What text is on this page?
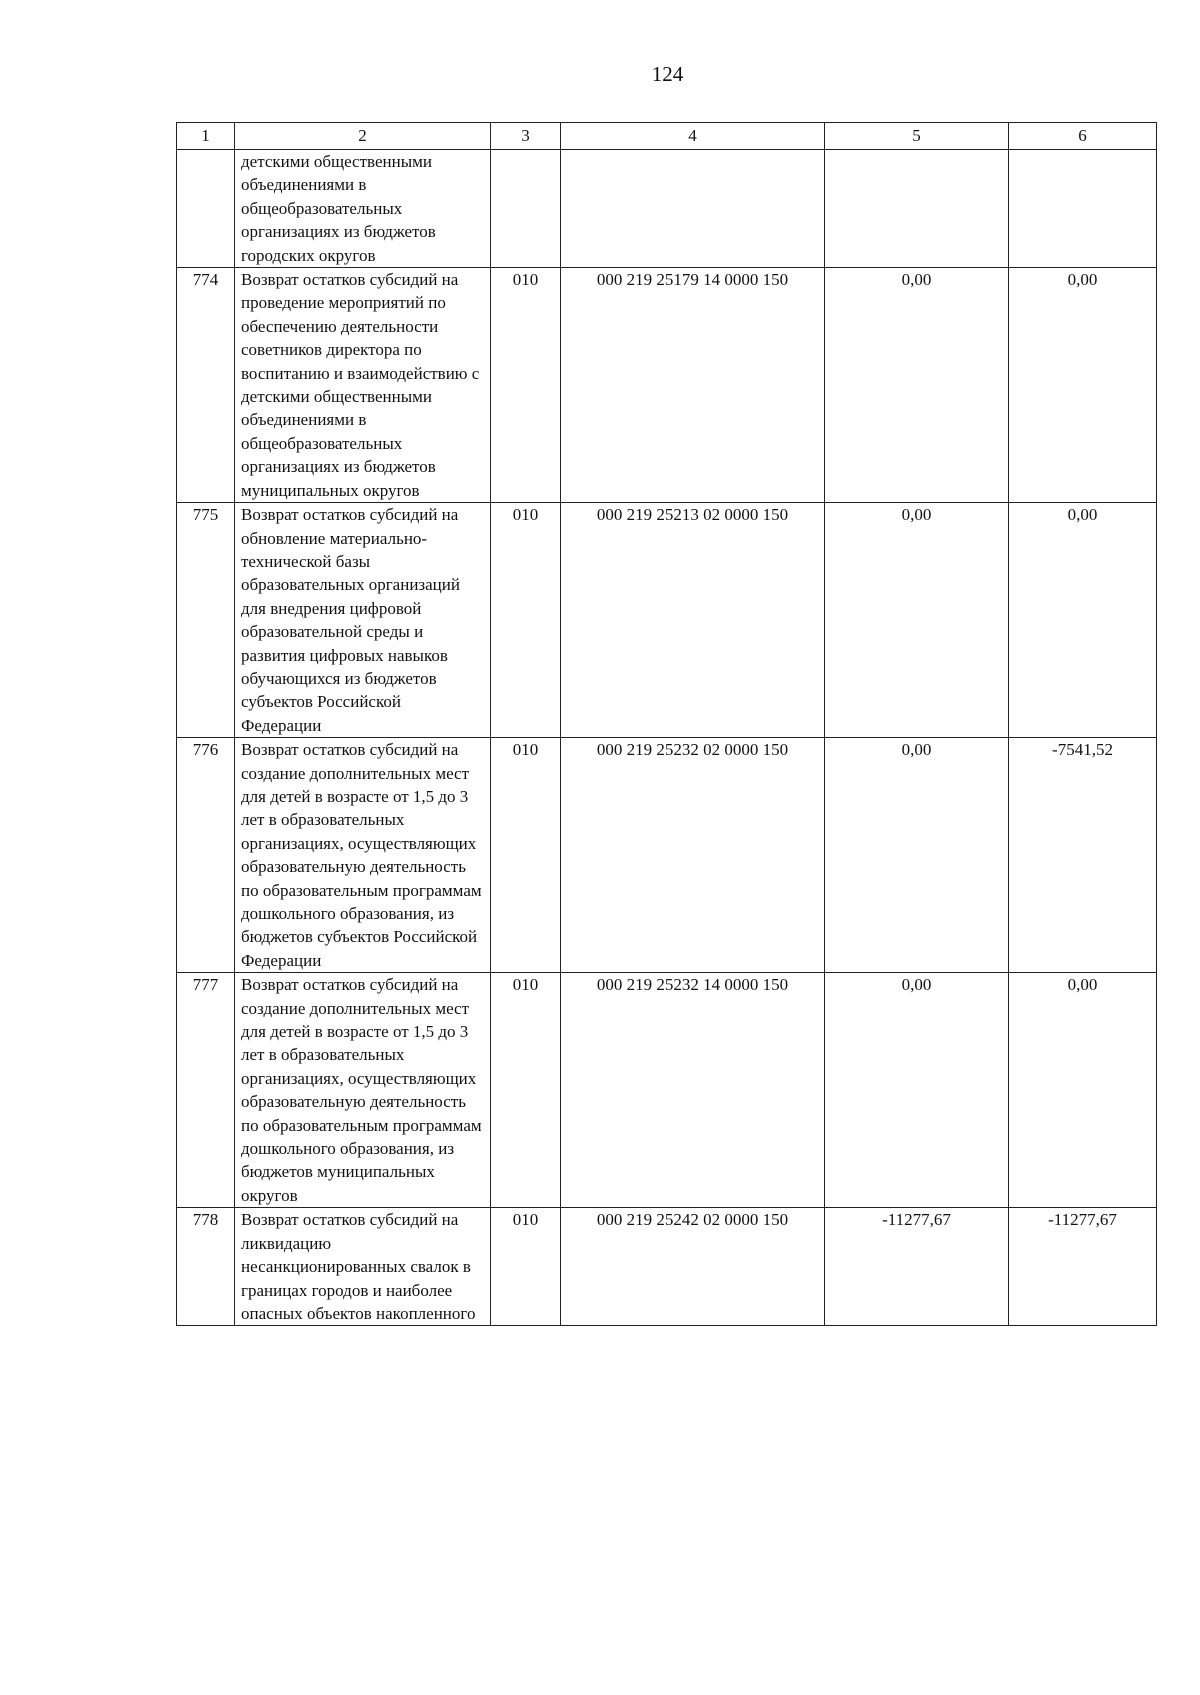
124
1	2	3	4	5	6
	детскими общественными объединениями в общеобразовательных организациях из бюджетов городских округов				
774	Возврат остатков субсидий на проведение мероприятий по обеспечению деятельности советников директора по воспитанию и взаимодействию с детскими общественными объединениями в общеобразовательных организациях из бюджетов муниципальных округов	010	000 219 25179 14 0000 150	0,00	0,00
775	Возврат остатков субсидий на обновление материально-технической базы образовательных организаций для внедрения цифровой образовательной среды и развития цифровых навыков обучающихся из бюджетов субъектов Российской Федерации	010	000 219 25213 02 0000 150	0,00	0,00
776	Возврат остатков субсидий на создание дополнительных мест для детей в возрасте от 1,5 до 3 лет в образовательных организациях, осуществляющих образовательную деятельность по образовательным программам дошкольного образования, из бюджетов субъектов Российской Федерации	010	000 219 25232 02 0000 150	0,00	-7541,52
777	Возврат остатков субсидий на создание дополнительных мест для детей в возрасте от 1,5 до 3 лет в образовательных организациях, осуществляющих образовательную деятельность по образовательным программам дошкольного образования, из бюджетов муниципальных округов	010	000 219 25232 14 0000 150	0,00	0,00
778	Возврат остатков субсидий на ликвидацию несанкционированных свалок в границах городов и наиболее опасных объектов накопленного	010	000 219 25242 02 0000 150	-11277,67	-11277,67
